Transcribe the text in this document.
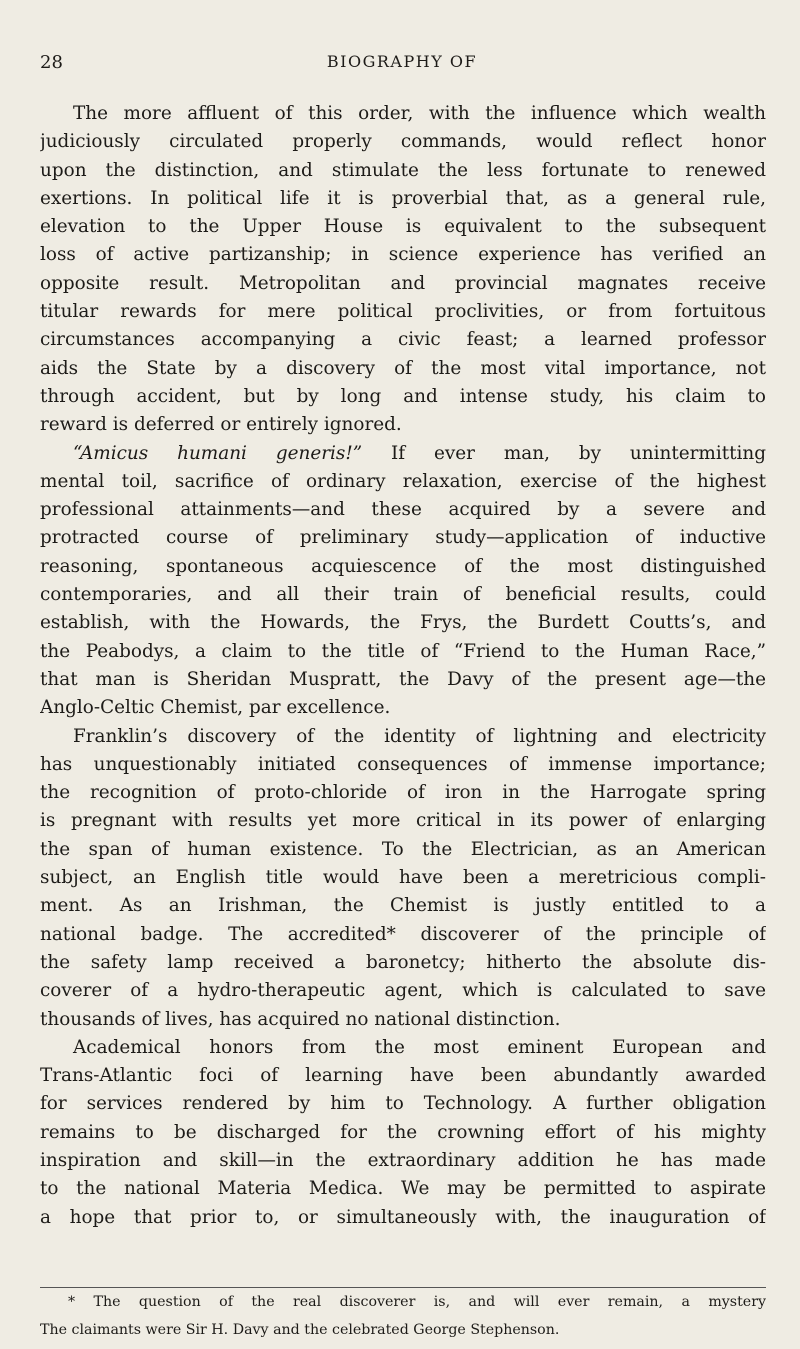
28	BIOGRAPHY OF
The more affluent of this order, with the influence which wealth
judiciously circulated properly commands, would reflect honor
upon the distinction, and stimulate the less fortunate to renewed
exertions. In political life it is proverbial that, as a general rule,
elevation to the Upper House is equivalent to the subsequent
loss of active partizanship; in science experience has verified an
opposite result. Metropolitan and provincial magnates receive
titular rewards for mere political proclivities, or from fortuitous
circumstances accompanying a civic feast; a learned professor
aids the State by a discovery of the most vital importance, not
through accident, but by long and intense study, his claim to
reward is deferred or entirely ignored.
“Amicus humani generis!” If ever man, by unintermitting
mental toil, sacrifice of ordinary relaxation, exercise of the highest
professional attainments—and these acquired by a severe and
protracted course of preliminary study—application of inductive
reasoning, spontaneous acquiescence of the most distinguished
contemporaries, and all their train of beneficial results, could
establish, with the Howards, the Frys, the Burdett Coutts’s, and
the Peabodys, a claim to the title of “Friend to the Human Race,”
that man is Sheridan Muspratt, the Davy of the present age—the
Anglo-Celtic Chemist, par excellence.
Franklin’s discovery of the identity of lightning and electricity
has unquestionably initiated consequences of immense importance;
the recognition of proto-chloride of iron in the Harrogate spring
is pregnant with results yet more critical in its power of enlarging
the span of human existence. To the Electrician, as an American
subject, an English title would have been a meretricious compli-
ment. As an Irishman, the Chemist is justly entitled to a
national badge. The accredited* discoverer of the principle of
the safety lamp received a baronetcy; hitherto the absolute dis-
coverer of a hydro-therapeutic agent, which is calculated to save
thousands of lives, has acquired no national distinction.
Academical honors from the most eminent European and
Trans-Atlantic foci of learning have been abundantly awarded
for services rendered by him to Technology. A further obligation
remains to be discharged for the crowning effort of his mighty
inspiration and skill—in the extraordinary addition he has made
to the national Materia Medica. We may be permitted to aspirate
a hope that prior to, or simultaneously with, the inauguration of
* The question of the real discoverer is, and will ever remain, a mystery
The claimants were Sir H. Davy and the celebrated George Stephenson.
